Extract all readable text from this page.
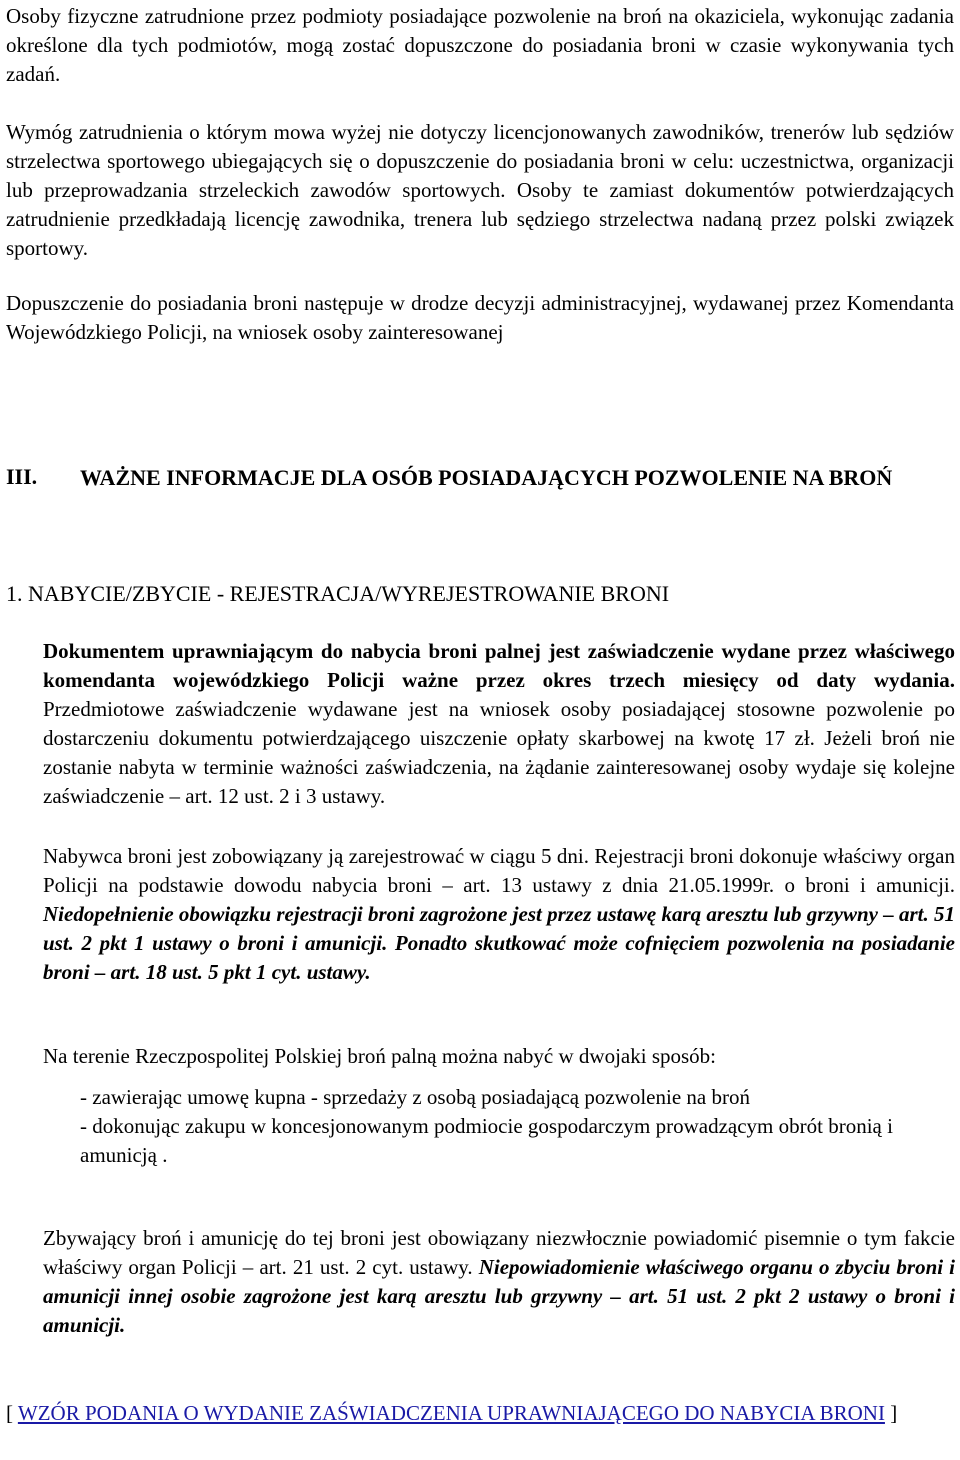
Osoby fizyczne zatrudnione przez podmioty posiadające pozwolenie na broń na okaziciela, wykonując zadania określone dla tych podmiotów, mogą zostać dopuszczone do posiadania broni w czasie wykonywania tych zadań.

Wymóg zatrudnienia o którym mowa wyżej nie dotyczy licencjonowanych zawodników, trenerów lub sędziów strzelectwa sportowego ubiegających się o dopuszczenie do posiadania broni w celu: uczestnictwa, organizacji lub przeprowadzania strzeleckich zawodów sportowych. Osoby te zamiast dokumentów potwierdzających zatrudnienie przedkładają licencję zawodnika, trenera lub sędziego strzelectwa nadaną przez polski związek sportowy.

Dopuszczenie do posiadania broni następuje w drodze decyzji administracyjnej, wydawanej przez Komendanta Wojewódzkiego Policji, na wniosek osoby zainteresowanej

III. WAŻNE INFORMACJE DLA OSÓB POSIADAJĄCYCH POZWOLENIE NA BROŃ
1. NABYCIE/ZBYCIE - REJESTRACJA/WYREJESTROWANIE BRONI

Dokumentem uprawniającym do nabycia broni palnej jest zaświadczenie wydane przez właściwego komendanta wojewódzkiego Policji ważne przez okres trzech miesięcy od daty wydania. Przedmiotowe zaświadczenie wydawane jest na wniosek osoby posiadającej stosowne pozwolenie po dostarczeniu dokumentu potwierdzającego uiszczenie opłaty skarbowej na kwotę 17 zł. Jeżeli broń nie zostanie nabyta w terminie ważności zaświadczenia, na żądanie zainteresowanej osoby wydaje się kolejne zaświadczenie – art. 12 ust. 2 i 3 ustawy.

Nabywca broni jest zobowiązany ją zarejestrować w ciągu 5 dni. Rejestracji broni dokonuje właściwy organ Policji na podstawie dowodu nabycia broni – art. 13 ustawy z dnia 21.05.1999r. o broni i amunicji. Niedopełnienie obowiązku rejestracji broni zagrożone jest przez ustawę karą aresztu lub grzywny – art. 51 ust. 2 pkt 1 ustawy o broni i amunicji. Ponadto skutkować może cofnięciem pozwolenia na posiadanie broni – art. 18 ust. 5 pkt 1 cyt. ustawy.

Na terenie Rzeczpospolitej Polskiej broń palną można nabyć w dwojaki sposób:

- zawierając umowę kupna - sprzedaży z osobą posiadającą pozwolenie na broń

- dokonując zakupu w koncesjonowanym podmiocie gospodarczym prowadzącym obrót bronią i amunicją .

Zbywający broń i amunicję do tej broni jest obowiązany niezwłocznie powiadomić pisemnie o tym fakcie właściwy organ Policji – art. 21 ust. 2 cyt. ustawy. Niepowiadomienie właściwego organu o zbyciu broni i amunicji innej osobie zagrożone jest karą aresztu lub grzywny – art. 51 ust. 2 pkt 2 ustawy o broni i amunicji.

[ WZÓR PODANIA O WYDANIE ZAŚWIADCZENIA UPRAWNIAJĄCEGO DO NABYCIA BRONI ]
